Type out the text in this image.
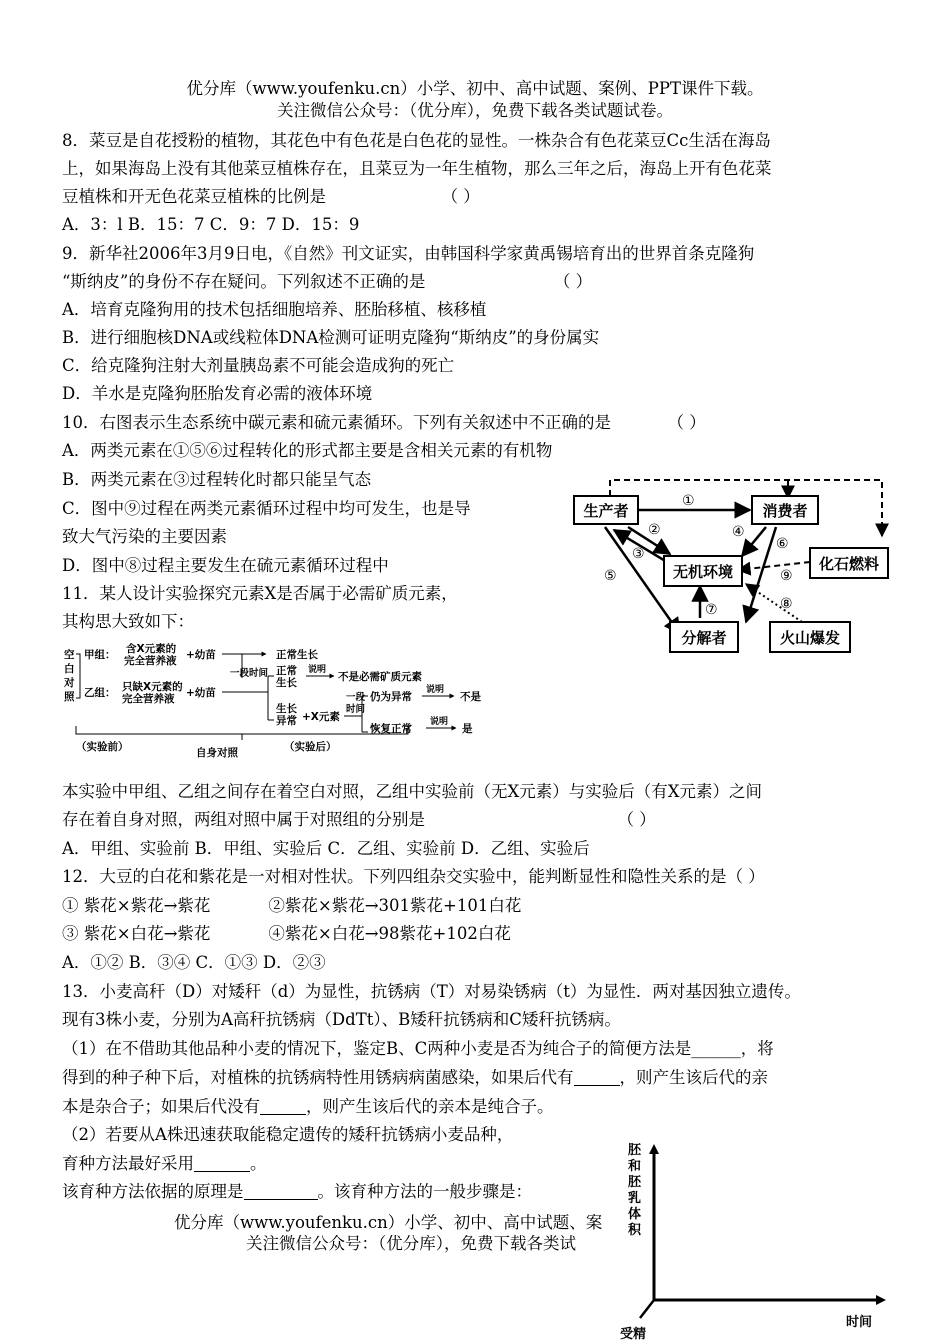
优分库（www.youfenku.cn）小学、初中、高中试题、案例、PPT课件下载。
关注微信公众号：（优分库），免费下载各类试题试卷。
8．菜豆是自花授粉的植物，其花色中有色花是白色花的显性。一株杂合有色花菜豆Cc生活在海岛
上，如果海岛上没有其他菜豆植株存在，且菜豆为一年生植物，那么三年之后，海岛上开有色花菜
豆植株和开无色花菜豆植株的比例是	（ ）
A．3：l B．15：7 C．9：7 D．15：9
9．新华社2006年3月9日电，《自然》刊文证实，由韩国科学家黄禹锡培育出的世界首条克隆狗
“斯纳皮”的身份不存在疑问。下列叙述不正确的是	（ ）
A．培育克隆狗用的技术包括细胞培养、胚胎移植、核移植
B．进行细胞核DNA或线粒体DNA检测可证明克隆狗“斯纳皮”的身份属实
C．给克隆狗注射大剂量胰岛素不可能会造成狗的死亡
D．羊水是克隆狗胚胎发育必需的液体环境
10．右图表示生态系统中碳元素和硫元素循环。下列有关叙述中不正确的是	（ ）
A．两类元素在①⑤⑥过程转化的形式都主要是含相关元素的有机物
B．两类元素在③过程转化时都只能呈气态
C．图中⑨过程在两类元素循环过程中均可发生，也是导
致大气污染的主要因素
D．图中⑧过程主要发生在硫元素循环过程中
生产者	消费者
无机环境	化石燃料
分解者	火山爆发
①
②
③
④
⑤
⑥
⑦	⑧
⑨
11．某人设计实验探究元素X是否属于必需矿质元素，
其构思大致如下：
空
白
对
照
甲组： 含X元素的
完全营养液 +幼苗	正常生长
一段时间
乙组： 只缺X元素的
完全营养液 +幼苗
正常
生长
说明
不是必需矿质元素
生长
异常 +X元素
一段
时间
仍为异常
说明
不是
恢复正常
说明
是
（实验前）	自身对照	（实验后）
本实验中甲组、乙组之间存在着空白对照，乙组中实验前（无X元素）与实验后（有X元素）之间
存在着自身对照，两组对照中属于对照组的分别是	（ ）
A．甲组、实验前 B．甲组、实验后 C．乙组、实验前 D．乙组、实验后
12．大豆的白花和紫花是一对相对性状。下列四组杂交实验中，能判断显性和隐性关系的是（ ）
① 紫花×紫花→紫花	②紫花×紫花→301紫花+101白花
③ 紫花×白花→紫花	④紫花×白花→98紫花+102白花
A．①② B．③④ C．①③ D．②③
13．小麦高秆（D）对矮秆（d）为显性，抗锈病（T）对易染锈病（t）为显性．两对基因独立遗传。
现有3株小麦，分别为A高秆抗锈病（DdTt）、B矮秆抗锈病和C矮秆抗锈病。
（1）在不借助其他品种小麦的情况下，鉴定B、C两种小麦是否为纯合子的简便方法是______，将
得到的种子种下后，对植株的抗锈病特性用锈病病菌感染，如果后代有	，则产生该后代的亲
本是杂合子；如果后代没有	，则产生该后代的亲本是纯合子。
（2）若要从A株迅速获取能稳定遗传的矮秆抗锈病小麦品种，
育种方法最好采用	。
该育种方法依据的原理是	。该育种方法的一般步骤是：
优分库（www.youfenku.cn）小学、初中、高中试题、案
关注微信公众号：（优分库），免费下载各类试
胚
和
胚
乳
体
积
时间
受精
